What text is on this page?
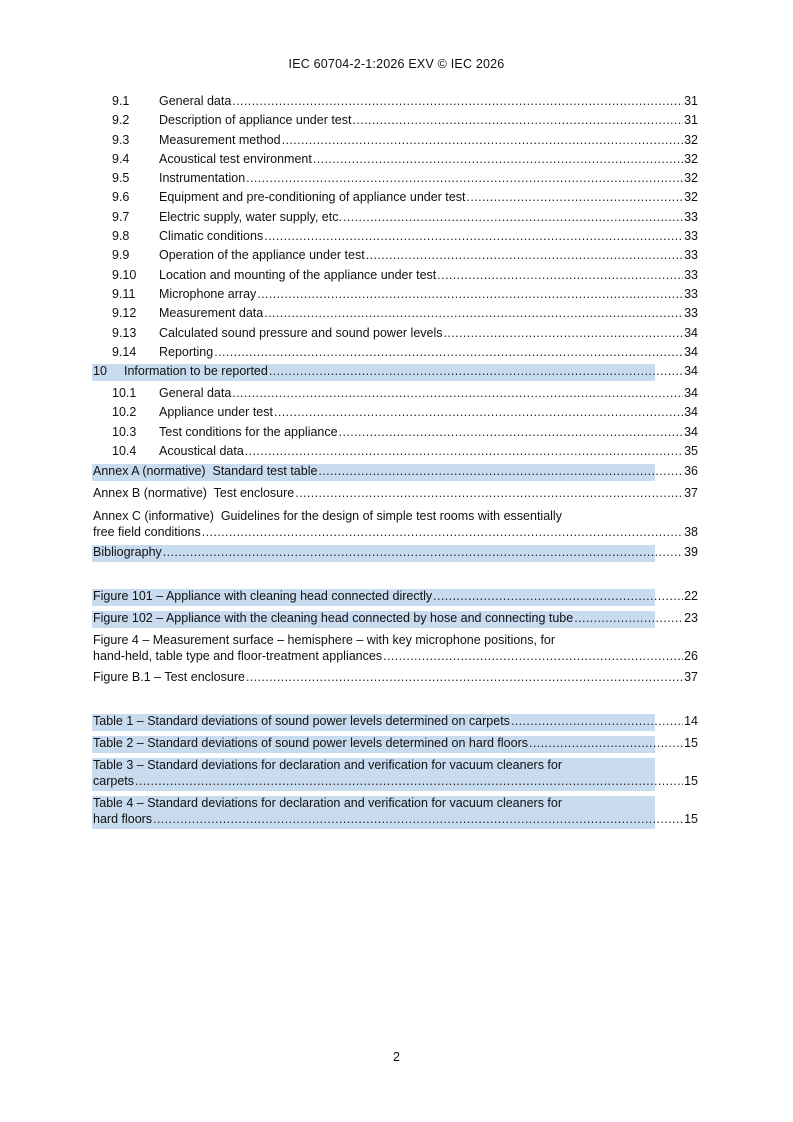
IEC 60704-2-1:2026 EXV © IEC 2026
9.1	General data .....	31
9.2	Description of appliance under test .....	31
9.3	Measurement method .....	32
9.4	Acoustical test environment .....	32
9.5	Instrumentation .....	32
9.6	Equipment and pre-conditioning of appliance under test .....	32
9.7	Electric supply, water supply, etc. .....	33
9.8	Climatic conditions .....	33
9.9	Operation of the appliance under test .....	33
9.10	Location and mounting of the appliance under test .....	33
9.11	Microphone array .....	33
9.12	Measurement data .....	33
9.13	Calculated sound pressure and sound power levels .....	34
9.14	Reporting .....	34
10	Information to be reported .....	34
10.1	General data .....	34
10.2	Appliance under test .....	34
10.3	Test conditions for the appliance .....	34
10.4	Acoustical data .....	35
Annex A (normative)  Standard test table .....	36
Annex B (normative)  Test enclosure .....	37
Annex C (informative)  Guidelines for the design of simple test rooms with essentially
free field conditions .....	38
Bibliography .....	39
Figure 101 – Appliance with cleaning head connected directly .....	22
Figure 102 – Appliance with the cleaning head connected by hose and connecting tube .....	23
Figure 4 – Measurement surface – hemisphere – with key microphone positions, for
hand-held, table type and floor-treatment appliances .....	26
Figure B.1 – Test enclosure .....	37
Table 1 – Standard deviations of sound power levels determined on carpets .....	14
Table 2 – Standard deviations of sound power levels determined on hard floors .....	15
Table 3 – Standard deviations for declaration and verification for vacuum cleaners for
carpets .....	15
Table 4 – Standard deviations for declaration and verification for vacuum cleaners for
hard floors .....	15
2
